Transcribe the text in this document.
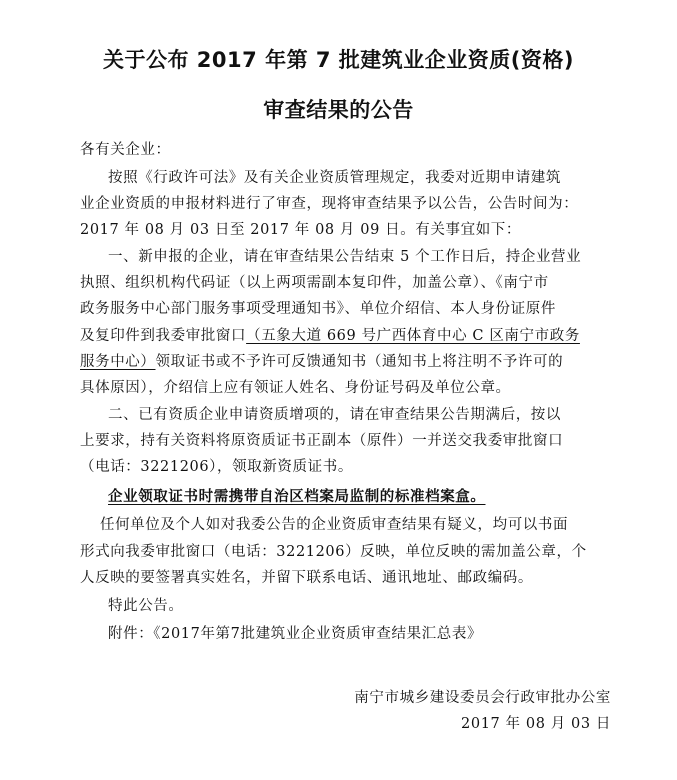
关于公布 2017 年第 7 批建筑业企业资质(资格)
审查结果的公告
各有关企业：
按照《行政许可法》及有关企业资质管理规定，我委对近期申请建筑
业企业资质的申报材料进行了审查，现将审查结果予以公告，公告时间为：
2017 年 08 月 03 日至 2017 年 08 月 09 日。有关事宜如下：
一、新申报的企业，请在审查结果公告结束 5 个工作日后，持企业营业
执照、组织机构代码证（以上两项需副本复印件，加盖公章）、《南宁市
政务服务中心部门服务事项受理通知书》、单位介绍信、本人身份证原件
及复印件到我委审批窗口（五象大道 669 号广西体育中心 C 区南宁市政务
服务中心）领取证书或不予许可反馈通知书（通知书上将注明不予许可的
具体原因），介绍信上应有领证人姓名、身份证号码及单位公章。
二、已有资质企业申请资质增项的，请在审查结果公告期满后，按以
上要求，持有关资料将原资质证书正副本（原件）一并送交我委审批窗口
（电话：3221206），领取新资质证书。
企业领取证书时需携带自治区档案局监制的标准档案盒。
任何单位及个人如对我委公告的企业资质审查结果有疑义，均可以书面
形式向我委审批窗口（电话：3221206）反映，单位反映的需加盖公章，个
人反映的要签署真实姓名，并留下联系电话、通讯地址、邮政编码。
特此公告。
附件：《2017年第7批建筑业企业资质审查结果汇总表》
南宁市城乡建设委员会行政审批办公室
2017 年 08 月 03 日
